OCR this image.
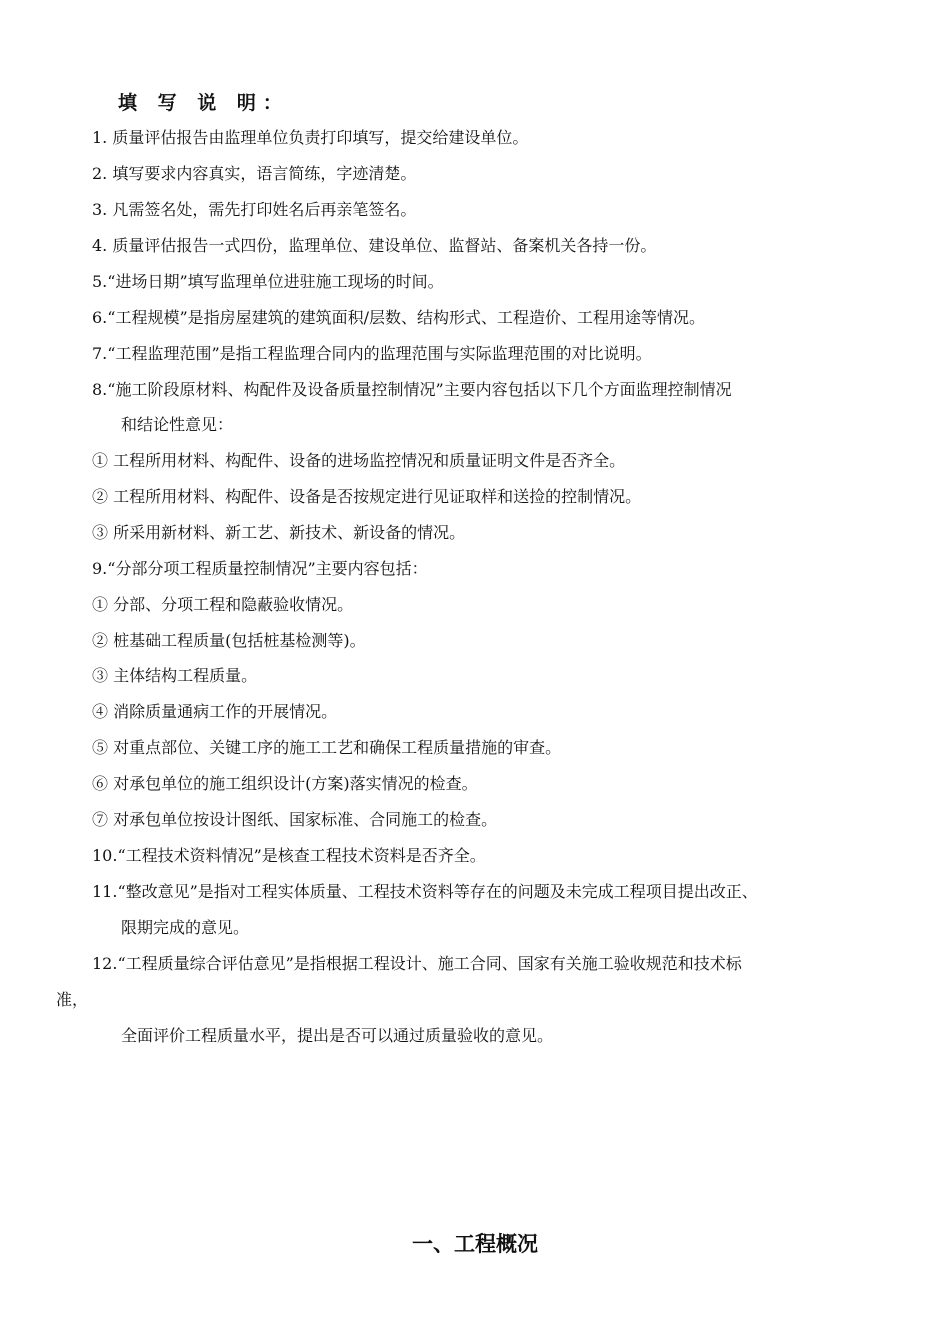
填 写 说 明：
1. 质量评估报告由监理单位负责打印填写，提交给建设单位。
2. 填写要求内容真实，语言简练，字迹清楚。
3. 凡需签名处，需先打印姓名后再亲笔签名。
4. 质量评估报告一式四份，监理单位、建设单位、监督站、备案机关各持一份。
5.“进场日期”填写监理单位进驻施工现场的时间。
6.“工程规模”是指房屋建筑的建筑面积/层数、结构形式、工程造价、工程用途等情况。
7.“工程监理范围”是指工程监理合同内的监理范围与实际监理范围的对比说明。
8.“施工阶段原材料、构配件及设备质量控制情况”主要内容包括以下几个方面监理控制情况
和结论性意见：
① 工程所用材料、构配件、设备的进场监控情况和质量证明文件是否齐全。
② 工程所用材料、构配件、设备是否按规定进行见证取样和送捡的控制情况。
③ 所采用新材料、新工艺、新技术、新设备的情况。
9.“分部分项工程质量控制情况”主要内容包括：
① 分部、分项工程和隐蔽验收情况。
② 桩基础工程质量(包括桩基检测等)。
③ 主体结构工程质量。
④ 消除质量通病工作的开展情况。
⑤ 对重点部位、关键工序的施工工艺和确保工程质量措施的审查。
⑥ 对承包单位的施工组织设计(方案)落实情况的检查。
⑦ 对承包单位按设计图纸、国家标准、合同施工的检查。
10.“工程技术资料情况”是核查工程技术资料是否齐全。
11.“整改意见”是指对工程实体质量、工程技术资料等存在的问题及未完成工程项目提出改正、
限期完成的意见。
12.“工程质量综合评估意见”是指根据工程设计、施工合同、国家有关施工验收规范和技术标
准，
全面评价工程质量水平，提出是否可以通过质量验收的意见。
一、工程概况
